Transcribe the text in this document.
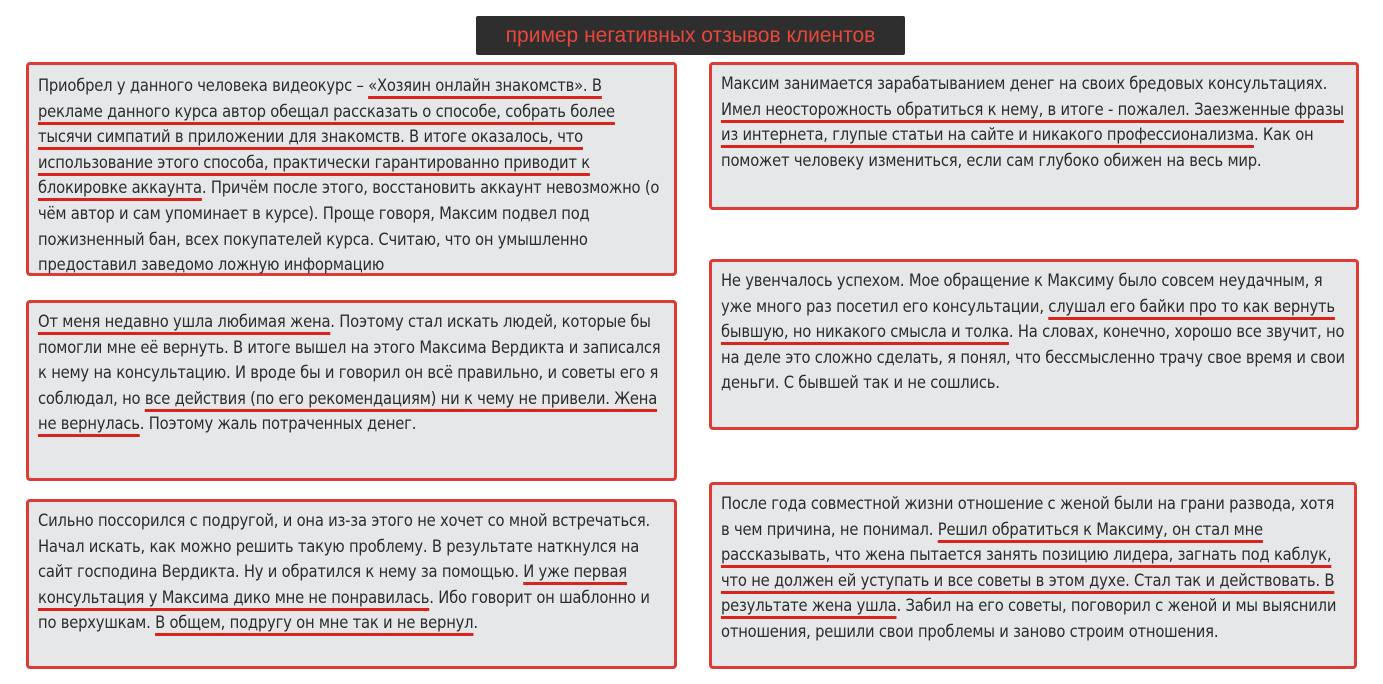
пример негативных отзывов клиентов

Приобрел у данного человека видеокурс – «Хозяин онлайн знакомств». В рекламе данного курса автор обещал рассказать о способе, собрать более тысячи симпатий в приложении для знакомств. В итоге оказалось, что использование этого способа, практически гарантированно приводит к блокировке аккаунта. Причём после этого, восстановить аккаунт невозможно (о чём автор и сам упоминает в курсе). Проще говоря, Максим подвел под пожизненный бан, всех покупателей курса. Считаю, что он умышленно предоставил заведомо ложную информацию

От меня недавно ушла любимая жена. Поэтому стал искать людей, которые бы помогли мне её вернуть. В итоге вышел на этого Максима Вердикта и записался к нему на консультацию. И вроде бы и говорил он всё правильно, и советы его я соблюдал, но все действия (по его рекомендациям) ни к чему не привели. Жена не вернулась. Поэтому жаль потраченных денег.

Сильно поссорился с подругой, и она из-за этого не хочет со мной встречаться. Начал искать, как можно решить такую проблему. В результате наткнулся на сайт господина Вердикта. Ну и обратился к нему за помощью. И уже первая консультация у Максима дико мне не понравилась. Ибо говорит он шаблонно и по верхушкам. В общем, подругу он мне так и не вернул.

Максим занимается зарабатыванием денег на своих бредовых консультациях. Имел неосторожность обратиться к нему, в итоге - пожалел. Заезженные фразы из интернета, глупые статьи на сайте и никакого профессионализма. Как он поможет человеку измениться, если сам глубоко обижен на весь мир.

Не увенчалось успехом. Мое обращение к Максиму было совсем неудачным, я уже много раз посетил его консультации, слушал его байки про то как вернуть бывшую, но никакого смысла и толка. На словах, конечно, хорошо все звучит, но на деле это сложно сделать, я понял, что бессмысленно трачу свое время и свои деньги. С бывшей так и не сошлись.

После года совместной жизни отношение с женой были на грани развода, хотя в чем причина, не понимал. Решил обратиться к Максиму, он стал мне рассказывать, что жена пытается занять позицию лидера, загнать под каблук, что не должен ей уступать и все советы в этом духе. Стал так и действовать. В результате жена ушла. Забил на его советы, поговорил с женой и мы выяснили отношения, решили свои проблемы и заново строим отношения.
